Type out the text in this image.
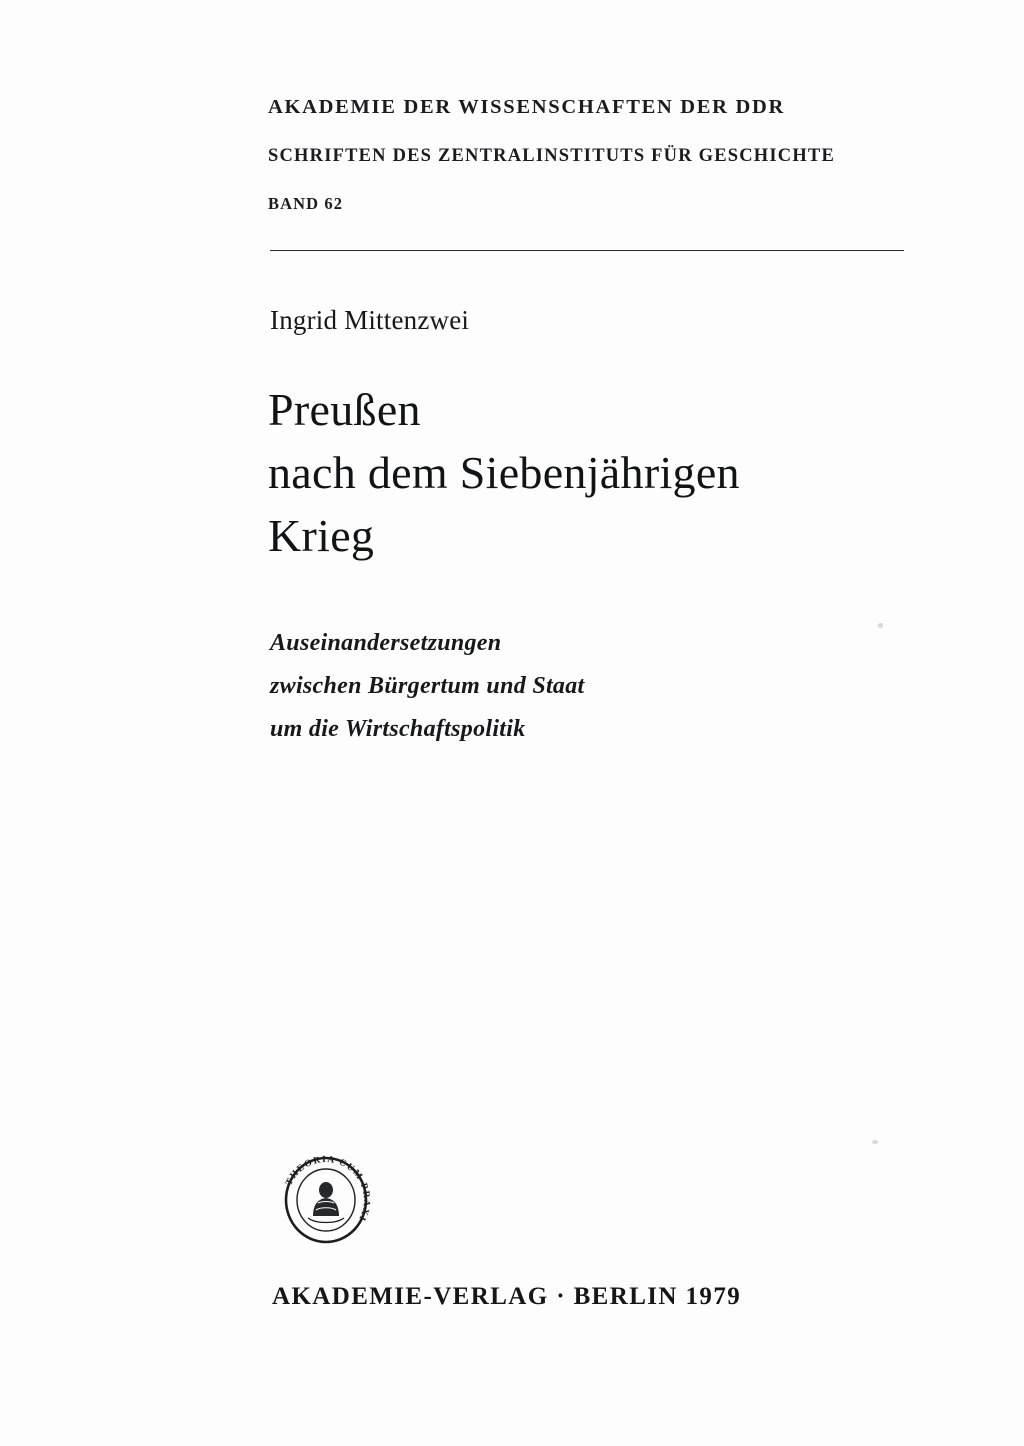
AKADEMIE DER WISSENSCHAFTEN DER DDR
SCHRIFTEN DES ZENTRALINSTITUTS FÜR GESCHICHTE
BAND 62
Ingrid Mittenzwei
Preußen
nach dem Siebenjährigen
Krieg
Auseinandersetzungen
zwischen Bürgertum und Staat
um die Wirtschaftspolitik
THEORIA CUM PRAXI
AKADEMIE-VERLAG · BERLIN 1979
